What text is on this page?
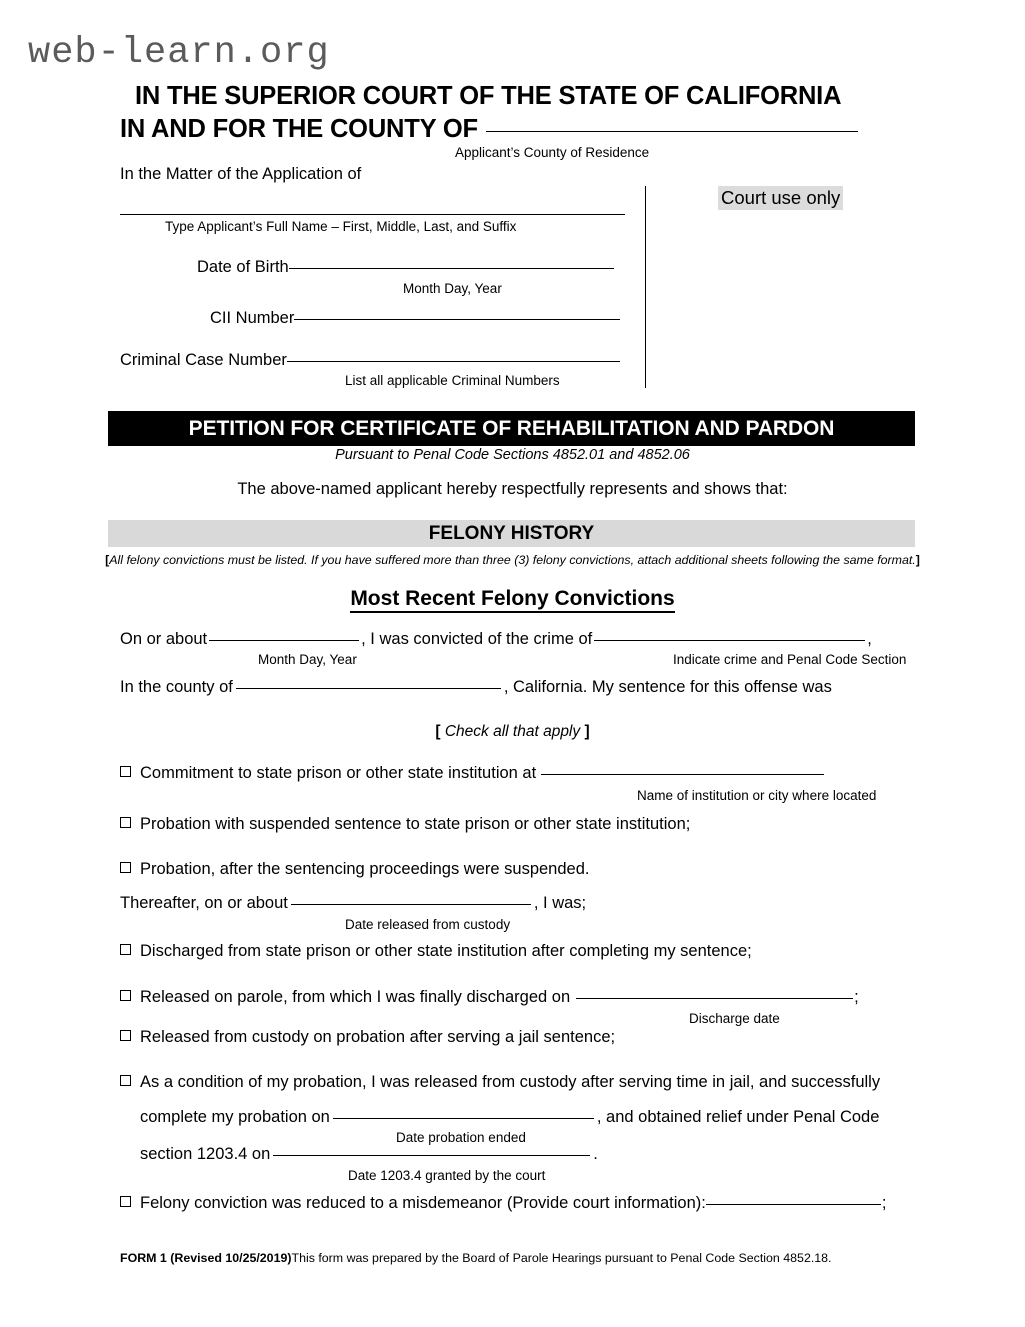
web-learn.org
IN THE SUPERIOR COURT OF THE STATE OF CALIFORNIA
IN AND FOR THE COUNTY OF
Applicant’s County of Residence
In the Matter of the Application of
Type Applicant’s Full Name – First, Middle, Last, and Suffix
Court use only
Date of Birth
Month Day, Year
CII Number
Criminal Case Number
List all applicable Criminal Numbers
PETITION FOR CERTIFICATE OF REHABILITATION AND PARDON
Pursuant to Penal Code Sections 4852.01 and 4852.06
The above-named applicant hereby respectfully represents and shows that:
FELONY HISTORY
[All felony convictions must be listed. If you have suffered more than three (3) felony convictions, attach additional sheets following the same format.]
Most Recent Felony Convictions
On or about	, I was convicted of the crime of	,
Month Day, Year	Indicate crime and Penal Code Section
In the county of	, California. My sentence for this offense was
[ Check all that apply ]
Commitment to state prison or other state institution at
Name of institution or city where located
Probation with suspended sentence to state prison or other state institution;
Probation, after the sentencing proceedings were suspended.
Thereafter, on or about	, I was;
Date released from custody
Discharged from state prison or other state institution after completing my sentence;
Released on parole, from which I was finally discharged on	;
Discharge date
Released from custody on probation after serving a jail sentence;
As a condition of my probation, I was released from custody after serving time in jail, and successfully
complete my probation on	, and obtained relief under Penal Code
Date probation ended
section 1203.4 on	.
Date 1203.4 granted by the court
Felony conviction was reduced to a misdemeanor (Provide court information):	;
FORM 1 (Revised 10/25/2019)This form was prepared by the Board of Parole Hearings pursuant to Penal Code Section 4852.18.
